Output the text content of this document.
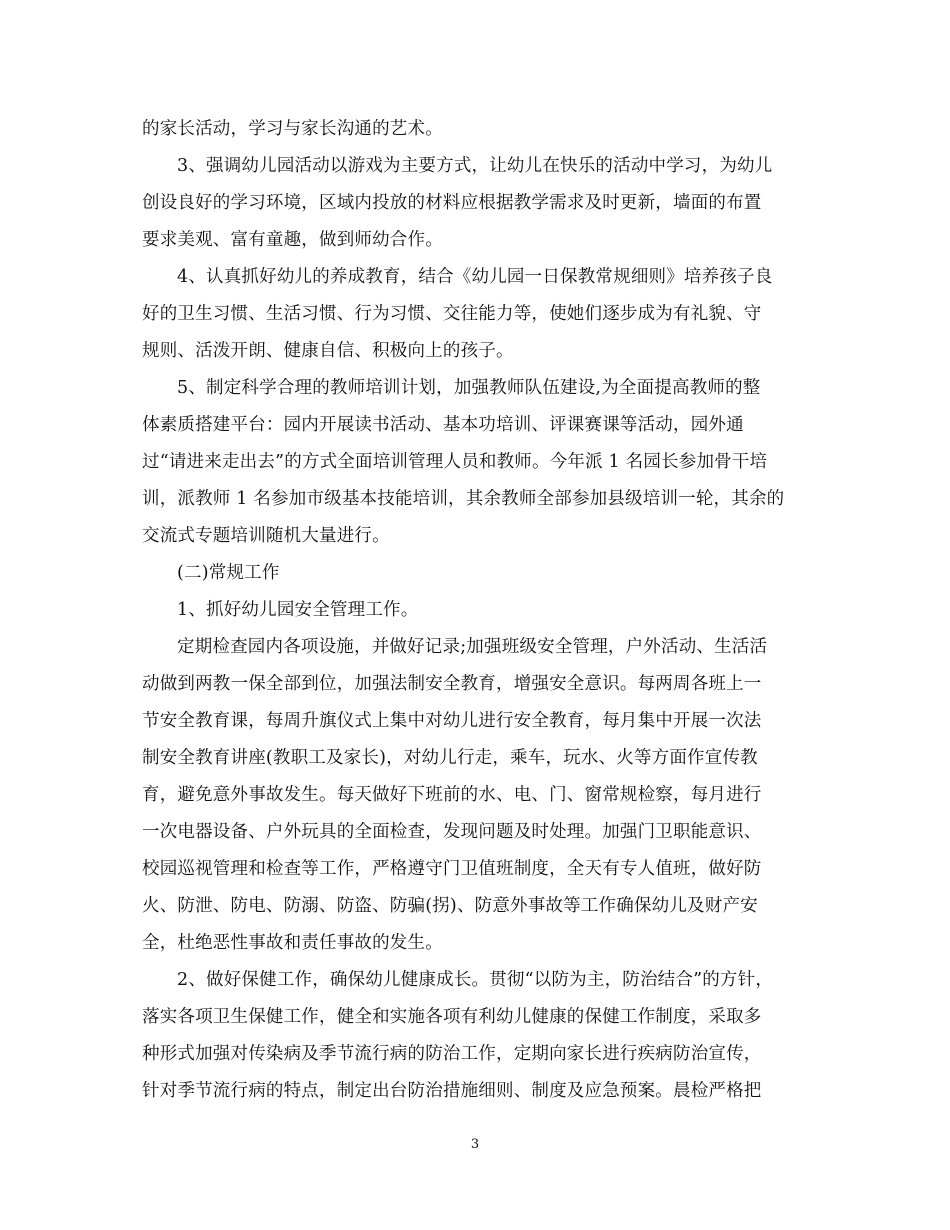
的家长活动，学习与家长沟通的艺术。
3、强调幼儿园活动以游戏为主要方式，让幼儿在快乐的活动中学习，为幼儿
创设良好的学习环境，区域内投放的材料应根据教学需求及时更新，墙面的布置
要求美观、富有童趣，做到师幼合作。
4、认真抓好幼儿的养成教育，结合《幼儿园一日保教常规细则》培养孩子良
好的卫生习惯、生活习惯、行为习惯、交往能力等，使她们逐步成为有礼貌、守
规则、活泼开朗、健康自信、积极向上的孩子。
5、制定科学合理的教师培训计划，加强教师队伍建设,为全面提高教师的整
体素质搭建平台：园内开展读书活动、基本功培训、评课赛课等活动，园外通
过“请进来走出去”的方式全面培训管理人员和教师。今年派 1 名园长参加骨干培
训，派教师 1 名参加市级基本技能培训，其余教师全部参加县级培训一轮，其余的
交流式专题培训随机大量进行。
(二)常规工作
1、抓好幼儿园安全管理工作。
定期检查园内各项设施，并做好记录;加强班级安全管理，户外活动、生活活
动做到两教一保全部到位，加强法制安全教育，增强安全意识。每两周各班上一
节安全教育课，每周升旗仪式上集中对幼儿进行安全教育，每月集中开展一次法
制安全教育讲座(教职工及家长)，对幼儿行走，乘车，玩水、火等方面作宣传教
育，避免意外事故发生。每天做好下班前的水、电、门、窗常规检察，每月进行
一次电器设备、户外玩具的全面检查，发现问题及时处理。加强门卫职能意识、
校园巡视管理和检查等工作，严格遵守门卫值班制度，全天有专人值班，做好防
火、防泄、防电、防溺、防盗、防骗(拐)、防意外事故等工作确保幼儿及财产安
全，杜绝恶性事故和责任事故的发生。
2、做好保健工作，确保幼儿健康成长。贯彻“以防为主，防治结合”的方针，
落实各项卫生保健工作，健全和实施各项有利幼儿健康的保健工作制度，采取多
种形式加强对传染病及季节流行病的防治工作，定期向家长进行疾病防治宣传，
针对季节流行病的特点，制定出台防治措施细则、制度及应急预案。晨检严格把
3
